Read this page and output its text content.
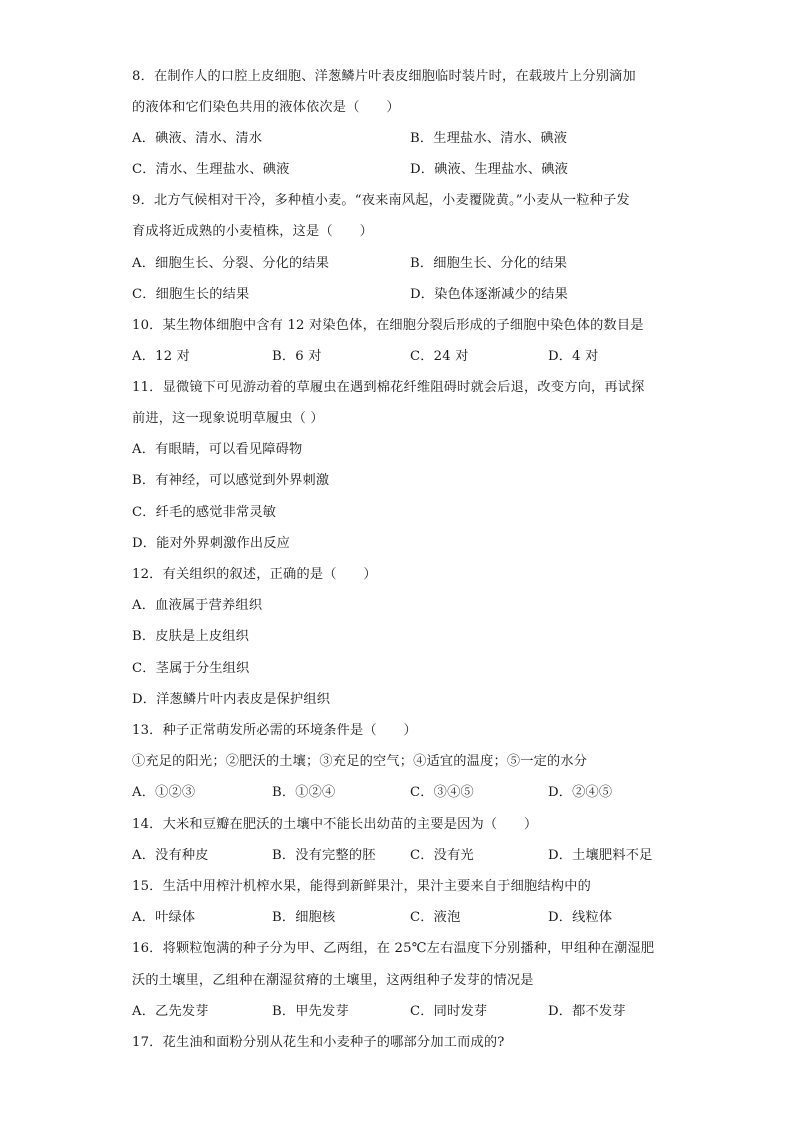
8．在制作人的口腔上皮细胞、洋葱鳞片叶表皮细胞临时装片时，在载玻片上分别滴加
的液体和它们染色共用的液体依次是（　　）
A．碘液、清水、清水	B．生理盐水、清水、碘液
C．清水、生理盐水、碘液	D．碘液、生理盐水、碘液
9．北方气候相对干冷，多种植小麦。“夜来南风起，小麦覆陇黄。”小麦从一粒种子发
育成将近成熟的小麦植株，这是（　　）
A．细胞生长、分裂、分化的结果	B．细胞生长、分化的结果
C．细胞生长的结果	D．染色体逐渐减少的结果
10．某生物体细胞中含有 12 对染色体，在细胞分裂后形成的子细胞中染色体的数目是
A．12 对	B．6 对	C．24 对	D．4 对
11．显微镜下可见游动着的草履虫在遇到棉花纤维阻碍时就会后退，改变方向，再试探
前进，这一现象说明草履虫（ ）
A．有眼睛，可以看见障碍物
B．有神经，可以感觉到外界刺激
C．纤毛的感觉非常灵敏
D．能对外界刺激作出反应
12．有关组织的叙述，正确的是（　　）
A．血液属于营养组织
B．皮肤是上皮组织
C．茎属于分生组织
D．洋葱鳞片叶内表皮是保护组织
13．种子正常萌发所必需的环境条件是（　　）
①充足的阳光；②肥沃的土壤；③充足的空气；④适宜的温度；⑤一定的水分
A．①②③	B．①②④	C．③④⑤	D．②④⑤
14．大米和豆瓣在肥沃的土壤中不能长出幼苗的主要是因为（　　）
A．没有种皮	B．没有完整的胚	C．没有光	D．土壤肥料不足
15．生活中用榨汁机榨水果，能得到新鲜果汁，果汁主要来自于细胞结构中的
A．叶绿体	B．细胞核	C．液泡	D．线粒体
16．将颗粒饱满的种子分为甲、乙两组，在 25℃左右温度下分别播种，甲组种在潮湿肥
沃的土壤里，乙组种在潮湿贫瘠的土壤里，这两组种子发芽的情况是
A．乙先发芽	B．甲先发芽	C．同时发芽	D．都不发芽
17．花生油和面粉分别从花生和小麦种子的哪部分加工而成的?
